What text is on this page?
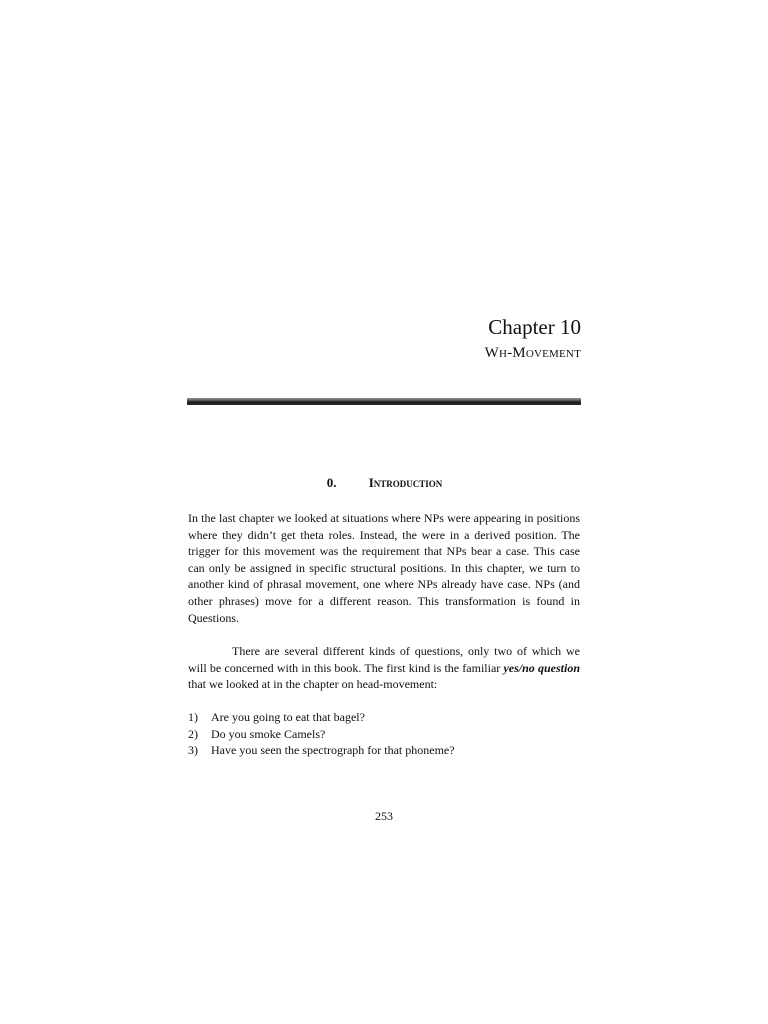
Chapter 10
Wh-Movement
0. Introduction

In the last chapter we looked at situations where NPs were appearing in positions where they didn’t get theta roles. Instead, the were in a derived position. The trigger for this movement was the requirement that NPs bear a case. This case can only be assigned in specific structural positions. In this chapter, we turn to another kind of phrasal movement, one where NPs already have case. NPs (and other phrases) move for a different reason. This transformation is found in Questions.

There are several different kinds of questions, only two of which we will be concerned with in this book. The first kind is the familiar yes/no question that we looked at in the chapter on head-movement:

1)	Are you going to eat that bagel?
2)	Do you smoke Camels?
3)	Have you seen the spectrograph for that phoneme?
253
